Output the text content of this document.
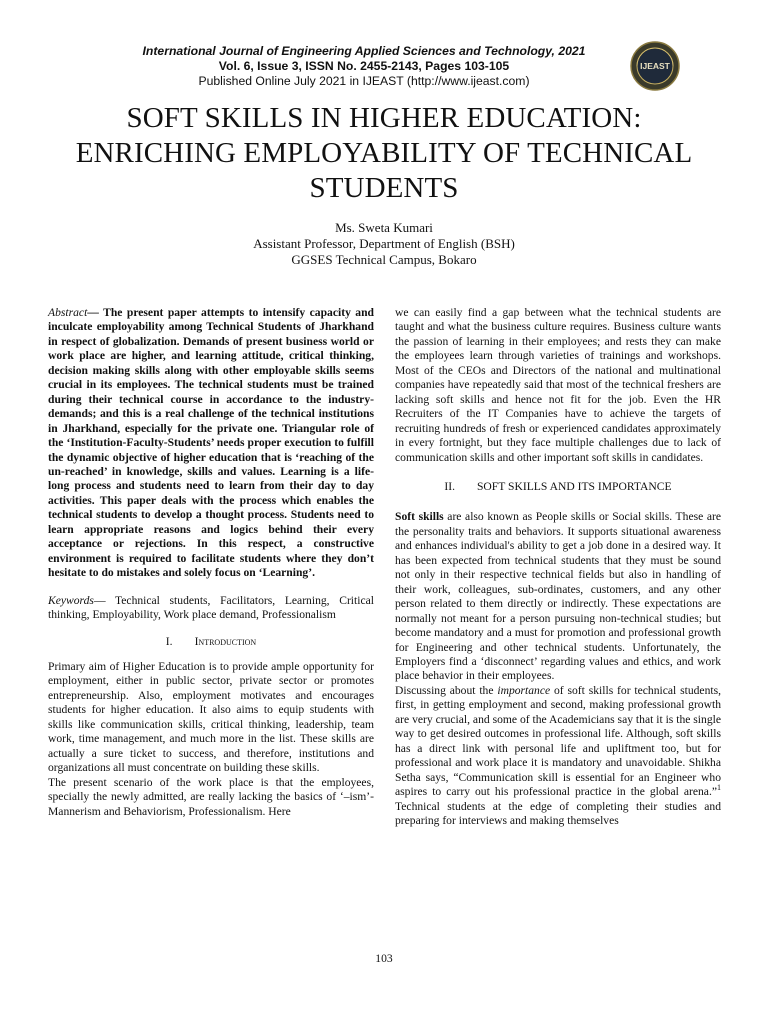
International Journal of Engineering Applied Sciences and Technology, 2021
Vol. 6, Issue 3, ISSN No. 2455-2143, Pages 103-105
Published Online July 2021 in IJEAST (http://www.ijeast.com)
IJEAST
SOFT SKILLS IN HIGHER EDUCATION:
ENRICHING EMPLOYABILITY OF TECHNICAL
STUDENTS
Ms. Sweta Kumari
Assistant Professor, Department of English (BSH)
GGSES Technical Campus, Bokaro

Abstract— The present paper attempts to intensify capacity and inculcate employability among Technical Students of Jharkhand in respect of globalization. Demands of present business world or work place are higher, and learning attitude, critical thinking, decision making skills along with other employable skills seems crucial in its employees. The technical students must be trained during their technical course in accordance to the industry-demands; and this is a real challenge of the technical institutions in Jharkhand, especially for the private one. Triangular role of the ‘Institution-Faculty-Students’ needs proper execution to fulfill the dynamic objective of higher education that is ‘reaching of the un-reached’ in knowledge, skills and values. Learning is a life-long process and students need to learn from their day to day activities. This paper deals with the process which enables the technical students to develop a thought process. Students need to learn appropriate reasons and logics behind their every acceptance or rejections. In this respect, a constructive environment is required to facilitate students where they don’t hesitate to do mistakes and solely focus on ‘Learning’.

Keywords— Technical students, Facilitators, Learning, Critical thinking, Employability, Work place demand, Professionalism

I. Introduction

Primary aim of Higher Education is to provide ample opportunity for employment, either in public sector, private sector or promotes entrepreneurship. Also, employment motivates and encourages students for higher education. It also aims to equip students with skills like communication skills, critical thinking, leadership, team work, time management, and much more in the list. These skills are actually a sure ticket to success, and therefore, institutions and organizations all must concentrate on building these skills.

The present scenario of the work place is that the employees, specially the newly admitted, are really lacking the basics of ‘–ism’- Mannerism and Behaviorism, Professionalism. Here

we can easily find a gap between what the technical students are taught and what the business culture requires. Business culture wants the passion of learning in their employees; and rests they can make the employees learn through varieties of trainings and workshops. Most of the CEOs and Directors of the national and multinational companies have repeatedly said that most of the technical freshers are lacking soft skills and hence not fit for the job. Even the HR Recruiters of the IT Companies have to achieve the targets of recruiting hundreds of fresh or experienced candidates approximately in every fortnight, but they face multiple challenges due to lack of communication skills and other important soft skills in candidates.

II. SOFT SKILLS AND ITS IMPORTANCE

Soft skills are also known as People skills or Social skills. These are the personality traits and behaviors. It supports situational awareness and enhances individual's ability to get a job done in a desired way. It has been expected from technical students that they must be sound not only in their respective technical fields but also in handling of their work, colleagues, sub-ordinates, customers, and any other person related to them directly or indirectly. These expectations are normally not meant for a person pursuing non-technical studies; but become mandatory and a must for promotion and professional growth for Engineering and other technical students. Unfortunately, the Employers find a ‘disconnect’ regarding values and ethics, and work place behavior in their employees.

Discussing about the importance of soft skills for technical students, first, in getting employment and second, making professional growth are very crucial, and some of the Academicians say that it is the single way to get desired outcomes in professional life. Although, soft skills has a direct link with personal life and upliftment too, but for professional and work place it is mandatory and unavoidable. Shikha Setha says, “Communication skill is essential for an Engineer who aspires to carry out his professional practice in the global arena.”$^1$ Technical students at the edge of completing their studies and preparing for interviews and making themselves

103
